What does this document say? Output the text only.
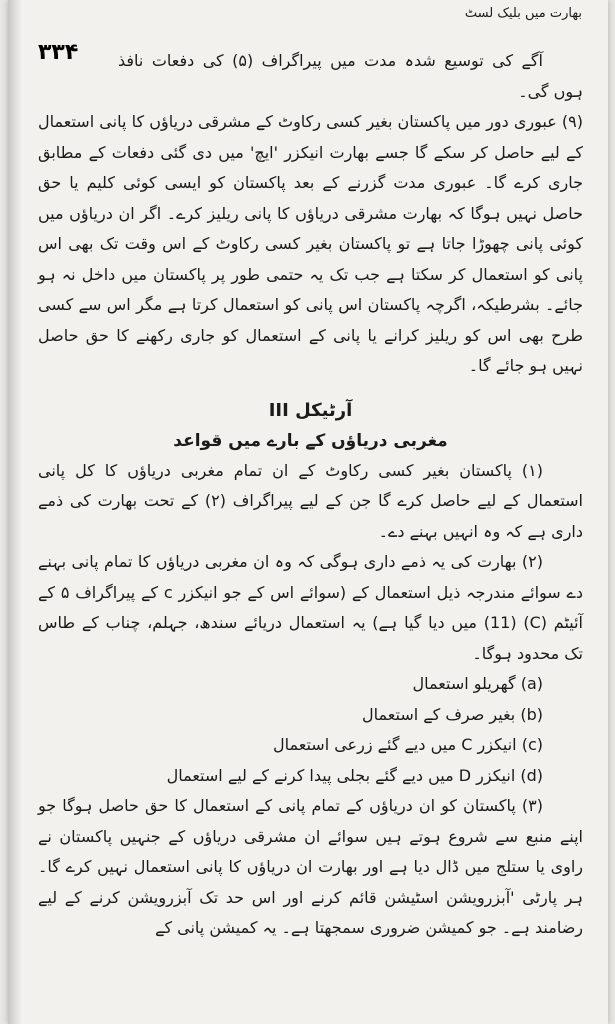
بھارت میں بلیک لسٹ
۳۳۴	آگے کی توسیع شدہ مدت میں پیراگراف (۵) کی دفعات نافذ ہوں گی۔

(۹) عبوری دور میں پاکستان بغیر کسی رکاوٹ کے مشرقی دریاؤں کا پانی استعمال کے لیے حاصل کر سکے گا جسے بھارت انیکزر 'ایچ' میں دی گئی دفعات کے مطابق جاری کرے گا۔ عبوری مدت گزرنے کے بعد پاکستان کو ایسی کوئی کلیم یا حق حاصل نہیں ہوگا کہ بھارت مشرقی دریاؤں کا پانی ریلیز کرے۔ اگر ان دریاؤں میں کوئی پانی چھوڑا جاتا ہے تو پاکستان بغیر کسی رکاوٹ کے اس وقت تک بھی اس پانی کو استعمال کر سکتا ہے جب تک یہ حتمی طور پر پاکستان میں داخل نہ ہو جائے۔ بشرطیکہ، اگرچہ پاکستان اس پانی کو استعمال کرتا ہے مگر اس سے کسی طرح بھی اس کو ریلیز کرانے یا پانی کے استعمال کو جاری رکھنے کا حق حاصل نہیں ہو جائے گا۔

آرٹیکل III
مغربی دریاؤں کے بارے میں قواعد

(۱) پاکستان بغیر کسی رکاوٹ کے ان تمام مغربی دریاؤں کا کل پانی استعمال کے لیے حاصل کرے گا جن کے لیے پیراگراف (۲) کے تحت بھارت کی ذمے داری ہے کہ وہ انہیں بہنے دے۔

(۲) بھارت کی یہ ذمے داری ہوگی کہ وہ ان مغربی دریاؤں کا تمام پانی بہنے دے سوائے مندرجہ ذیل استعمال کے (سوائے اس کے جو انیکزر c کے پیراگراف ۵ کے آئیٹم (C) (11) میں دیا گیا ہے) یہ استعمال دریائے سندھ، جہلم، چناب کے طاس تک محدود ہوگا۔

(a) گھریلو استعمال
(b) بغیر صرف کے استعمال
(c) انیکزر C میں دیے گئے زرعی استعمال
(d) انیکزر D میں دیے گئے بجلی پیدا کرنے کے لیے استعمال

(۳) پاکستان کو ان دریاؤں کے تمام پانی کے استعمال کا حق حاصل ہوگا جو اپنے منبع سے شروع ہوتے ہیں سوائے ان مشرقی دریاؤں کے جنہیں پاکستان نے راوی یا ستلج میں ڈال دیا ہے اور بھارت ان دریاؤں کا پانی استعمال نہیں کرے گا۔ ہر پارٹی 'آبزرویشن اسٹیشن قائم کرنے اور اس حد تک آبزرویشن کرنے کے لیے رضامند ہے۔ جو کمیشن ضروری سمجھتا ہے۔ یہ کمیشن پانی کے
